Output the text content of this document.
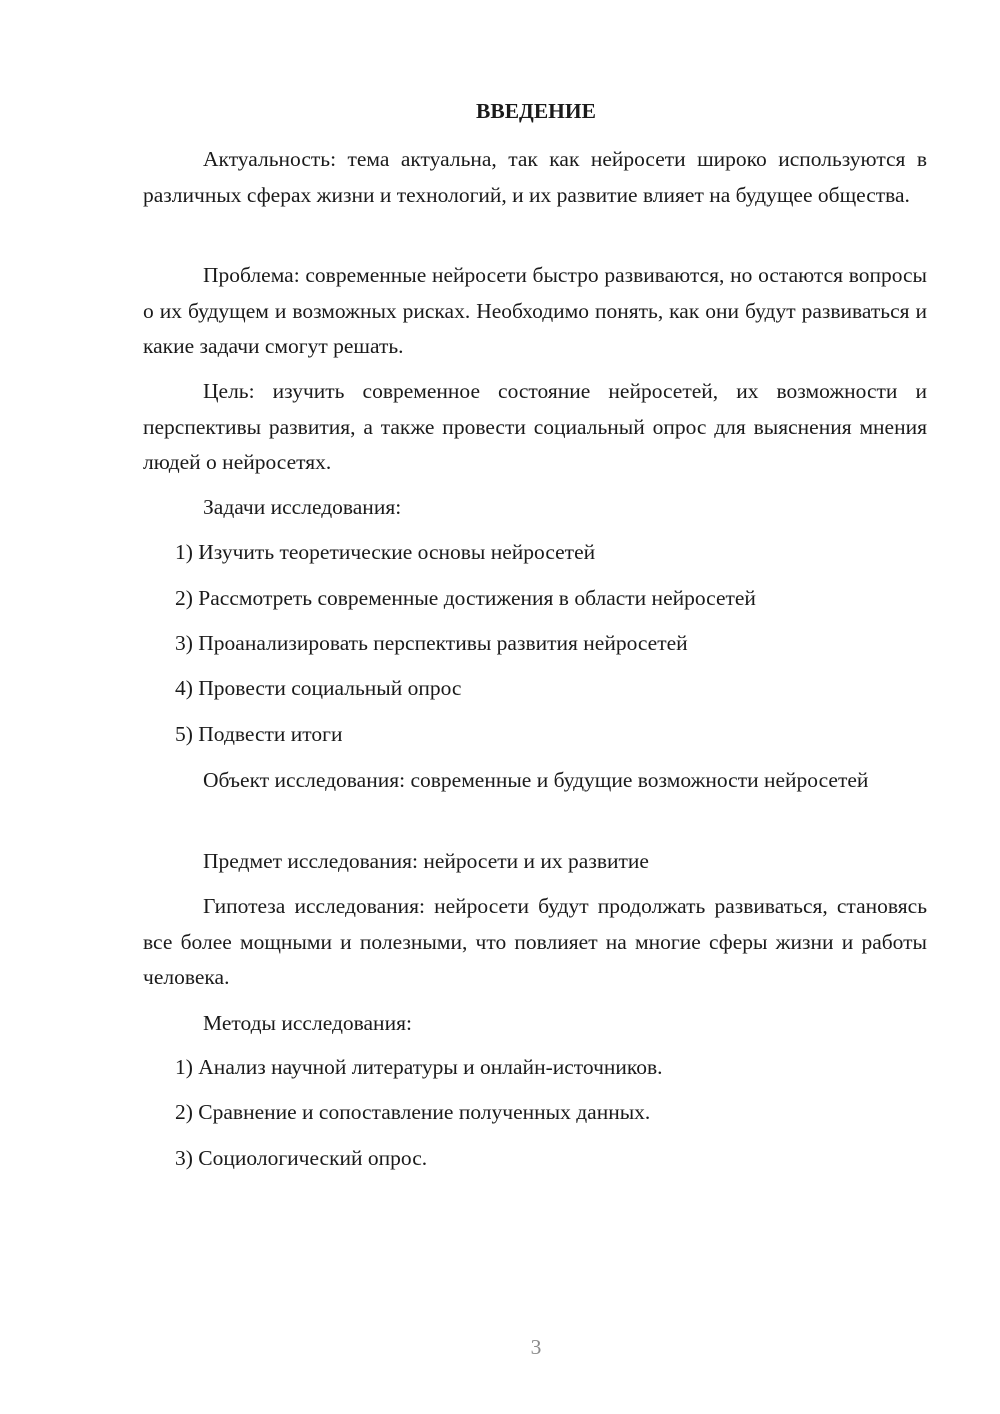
ВВЕДЕНИЕ

Актуальность: тема актуальна, так как нейросети широко используются в различных сферах жизни и технологий, и их развитие влияет на будущее общества.

Проблема: современные нейросети быстро развиваются, но остаются вопросы о их будущем и возможных рисках. Необходимо понять, как они будут развиваться и какие задачи смогут решать.

Цель: изучить современное состояние нейросетей, их возможности и перспективы развития, а также провести социальный опрос для выяснения мнения людей о нейросетях.

Задачи исследования:

1) Изучить теоретические основы нейросетей
2) Рассмотреть современные достижения в области нейросетей
3) Проанализировать перспективы развития нейросетей
4) Провести социальный опрос
5) Подвести итоги

Объект исследования: современные и будущие возможности нейросетей

Предмет исследования: нейросети и их развитие

Гипотеза исследования: нейросети будут продолжать развиваться, становясь все более мощными и полезными, что повлияет на многие сферы жизни и работы человека.

Методы исследования:

1) Анализ научной литературы и онлайн-источников.
2) Сравнение и сопоставление полученных данных.
3) Социологический опрос.
3
